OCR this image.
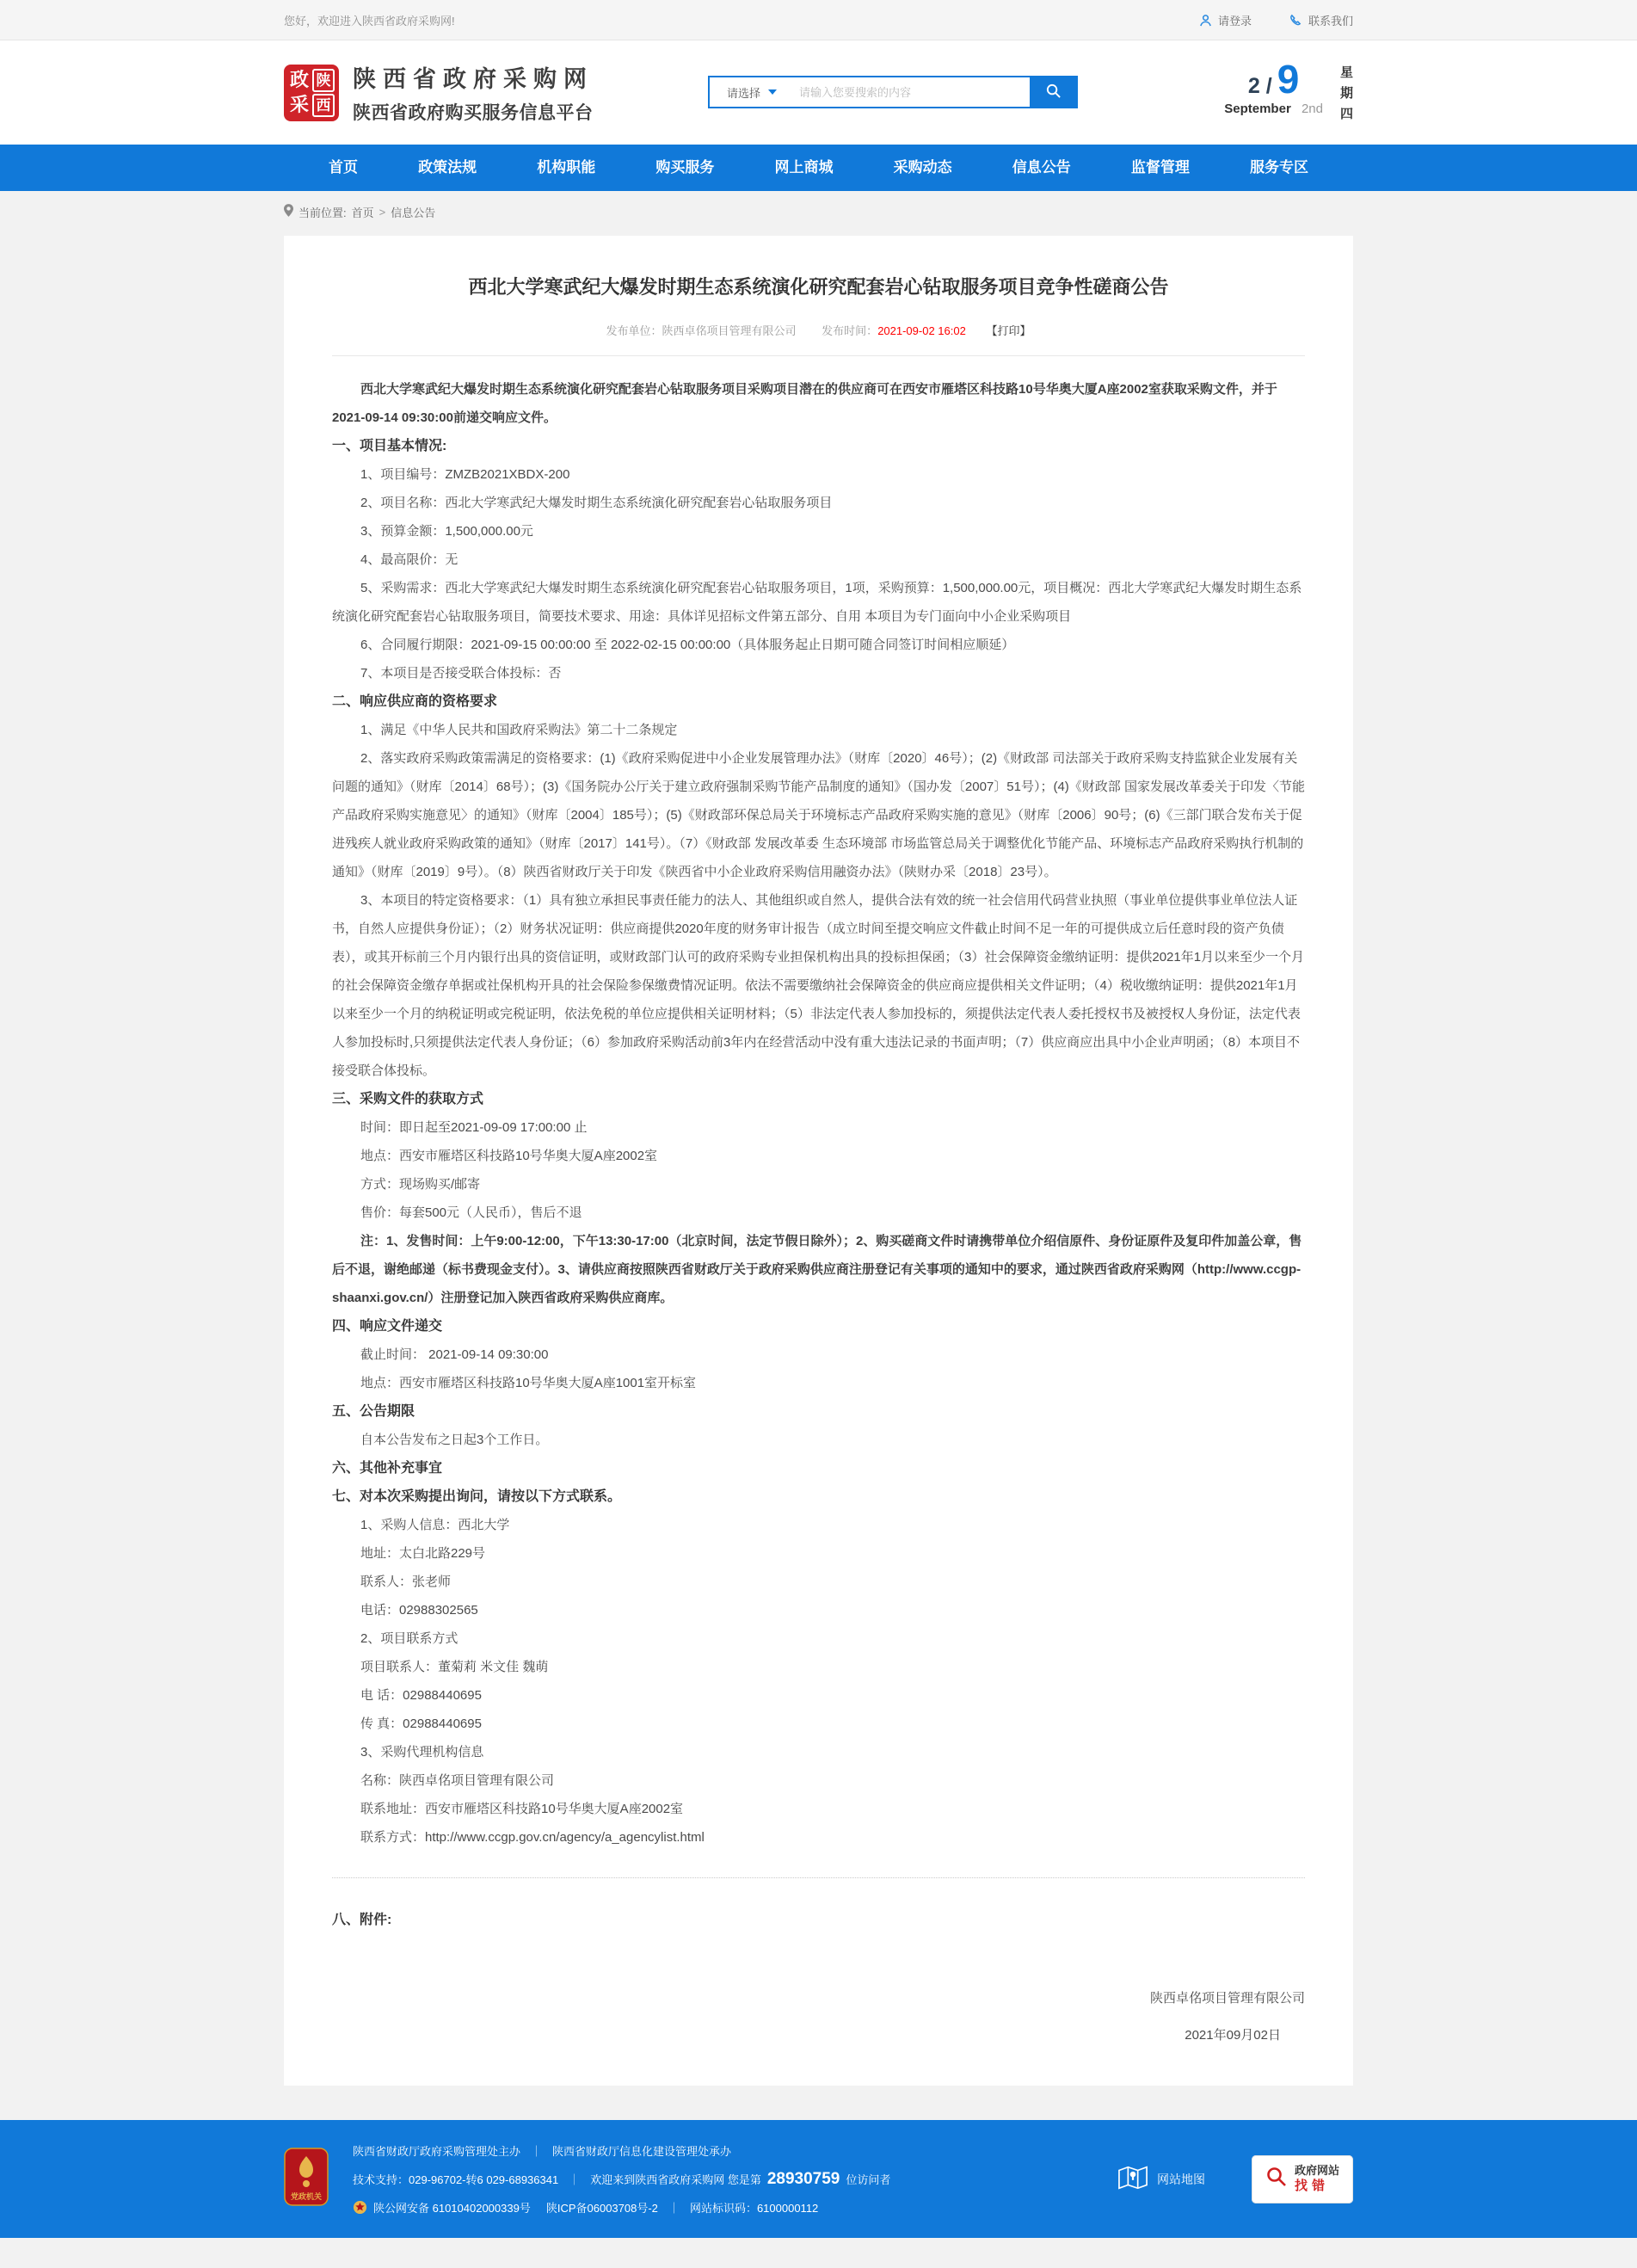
您好，欢迎进入陕西省政府采购网!	请登录	联系我们
政 陕
采 西
陕西省政府采购网
陕西省政府购买服务信息平台
请选择
请输入您要搜索的内容	2 / 9
September 2nd
星
期
四
首页	政策法规	机构职能	购买服务	网上商城	采购动态	信息公告	监督管理	服务专区
当前位置: 首页 > 信息公告
西北大学寒武纪大爆发时期生态系统演化研究配套岩心钻取服务项目竞争性磋商公告
发布单位：陕西卓佲项目管理有限公司 发布时间：2021-09-02 16:02 【打印】

西北大学寒武纪大爆发时期生态系统演化研究配套岩心钻取服务项目采购项目潜在的供应商可在西安市雁塔区科技路10号华奥大厦A座2002室获取采购文件，并于2021-09-14 09:30:00前递交响应文件。

一、项目基本情况:

1、项目编号：ZMZB2021XBDX-200

2、项目名称：西北大学寒武纪大爆发时期生态系统演化研究配套岩心钻取服务项目

3、预算金额：1,500,000.00元

4、最高限价：无

5、采购需求：西北大学寒武纪大爆发时期生态系统演化研究配套岩心钻取服务项目，1项，采购预算：1,500,000.00元，项目概况：西北大学寒武纪大爆发时期生态系统演化研究配套岩心钻取服务项目，简要技术要求、用途：具体详见招标文件第五部分、自用 本项目为专门面向中小企业采购项目

6、合同履行期限：2021-09-15 00:00:00 至 2022-02-15 00:00:00（具体服务起止日期可随合同签订时间相应顺延）

7、本项目是否接受联合体投标：否

二、响应供应商的资格要求

1、满足《中华人民共和国政府采购法》第二十二条规定

2、落实政府采购政策需满足的资格要求：(1)《政府采购促进中小企业发展管理办法》（财库〔2020〕46号）；(2)《财政部 司法部关于政府采购支持监狱企业发展有关问题的通知》（财库〔2014〕68号）；(3)《国务院办公厅关于建立政府强制采购节能产品制度的通知》（国办发〔2007〕51号）；(4)《财政部 国家发展改革委关于印发〈节能产品政府采购实施意见〉的通知》（财库〔2004〕185号）；(5)《财政部环保总局关于环境标志产品政府采购实施的意见》（财库〔2006〕90号；(6)《三部门联合发布关于促进残疾人就业政府采购政策的通知》（财库〔2017〕141号）。（7）《财政部 发展改革委 生态环境部 市场监管总局关于调整优化节能产品、环境标志产品政府采购执行机制的通知》（财库〔2019〕9号）。（8）陕西省财政厅关于印发《陕西省中小企业政府采购信用融资办法》（陕财办采〔2018〕23号）。

3、本项目的特定资格要求：（1）具有独立承担民事责任能力的法人、其他组织或自然人，提供合法有效的统一社会信用代码营业执照（事业单位提供事业单位法人证书，自然人应提供身份证）；（2）财务状况证明：供应商提供2020年度的财务审计报告（成立时间至提交响应文件截止时间不足一年的可提供成立后任意时段的资产负债表），或其开标前三个月内银行出具的资信证明，或财政部门认可的政府采购专业担保机构出具的投标担保函；（3）社会保障资金缴纳证明：提供2021年1月以来至少一个月的社会保障资金缴存单据或社保机构开具的社会保险参保缴费情况证明。依法不需要缴纳社会保障资金的供应商应提供相关文件证明；（4）税收缴纳证明：提供2021年1月以来至少一个月的纳税证明或完税证明，依法免税的单位应提供相关证明材料；（5）非法定代表人参加投标的，须提供法定代表人委托授权书及被授权人身份证，法定代表人参加投标时,只须提供法定代表人身份证；（6）参加政府采购活动前3年内在经营活动中没有重大违法记录的书面声明；（7）供应商应出具中小企业声明函；（8）本项目不接受联合体投标。

三、采购文件的获取方式

时间：即日起至2021-09-09 17:00:00 止

地点：西安市雁塔区科技路10号华奥大厦A座2002室

方式：现场购买/邮寄

售价：每套500元（人民币），售后不退

注：1、发售时间：上午9:00-12:00，下午13:30-17:00（北京时间，法定节假日除外）；2、购买磋商文件时请携带单位介绍信原件、身份证原件及复印件加盖公章，售后不退，谢绝邮递（标书费现金支付）。3、请供应商按照陕西省财政厅关于政府采购供应商注册登记有关事项的通知中的要求，通过陕西省政府采购网（http://www.ccgp-shaanxi.gov.cn/）注册登记加入陕西省政府采购供应商库。

四、响应文件递交

截止时间： 2021-09-14 09:30:00

地点：西安市雁塔区科技路10号华奥大厦A座1001室开标室

五、公告期限

自本公告发布之日起3个工作日。

六、其他补充事宜

七、对本次采购提出询问，请按以下方式联系。

1、采购人信息：西北大学

地址：太白北路229号

联系人：张老师

电话：02988302565

2、项目联系方式

项目联系人：董菊莉 米文佳 魏萌

电 话：02988440695

传 真：02988440695

3、采购代理机构信息

名称：陕西卓佲项目管理有限公司

联系地址：西安市雁塔区科技路10号华奥大厦A座2002室

联系方式：http://www.ccgp.gov.cn/agency/a_agencylist.html

八、附件:

陕西卓佲项目管理有限公司
2021年09月02日
党政机关
陕西省财政厅政府采购管理处主办 ｜ 陕西省财政厅信息化建设管理处承办
技术支持：029-96702-转6 029-68936341 ｜ 欢迎来到陕西省政府采购网 您是第 28930759 位访问者
陕公网安备 61010402000339号 陕ICP备06003708号-2 ｜ 网站标识码：6100000112
网站地图
政府网站
找错
